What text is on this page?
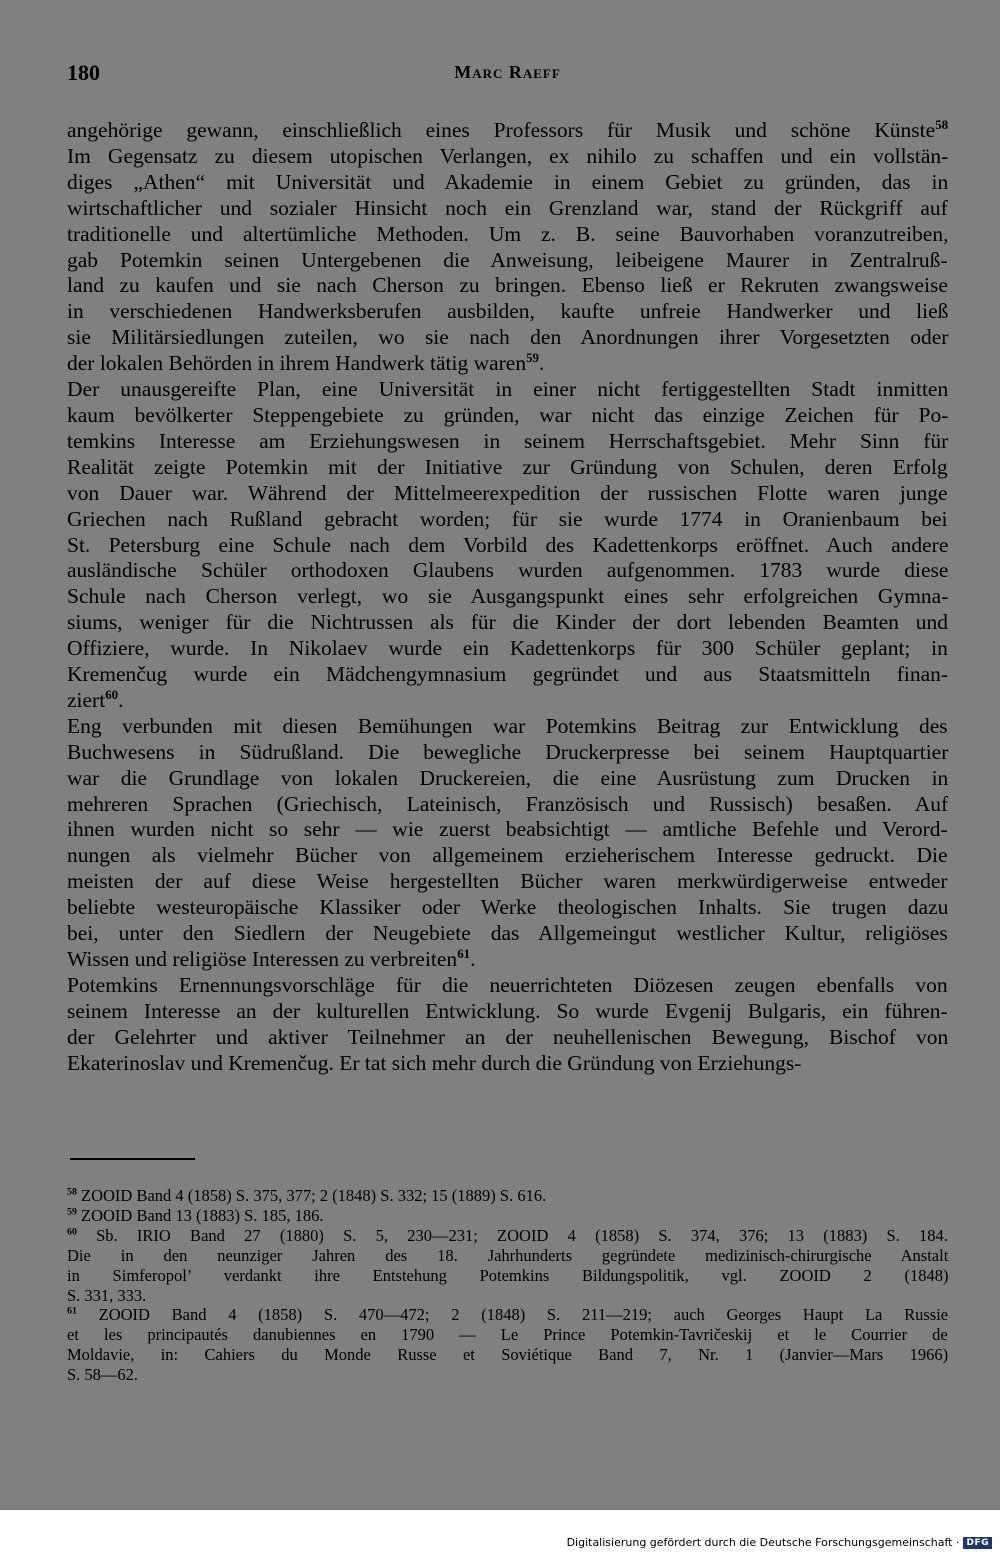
180	Marc Raeff

angehörige gewann, einschließlich eines Professors für Musik und schöne Künste$^{58}$
Im Gegensatz zu diesem utopischen Verlangen, ex nihilo zu schaffen und ein vollstän-
diges „Athen“ mit Universität und Akademie in einem Gebiet zu gründen, das in
wirtschaftlicher und sozialer Hinsicht noch ein Grenzland war, stand der Rückgriff auf
traditionelle und altertümliche Methoden. Um z. B. seine Bauvorhaben voranzutreiben,
gab Potemkin seinen Untergebenen die Anweisung, leibeigene Maurer in Zentralruß-
land zu kaufen und sie nach Cherson zu bringen. Ebenso ließ er Rekruten zwangsweise
in verschiedenen Handwerksberufen ausbilden, kaufte unfreie Handwerker und ließ
sie Militärsiedlungen zuteilen, wo sie nach den Anordnungen ihrer Vorgesetzten oder
der lokalen Behörden in ihrem Handwerk tätig waren$^{59}$.

Der unausgereifte Plan, eine Universität in einer nicht fertiggestellten Stadt inmitten
kaum bevölkerter Steppengebiete zu gründen, war nicht das einzige Zeichen für Po-
temkins Interesse am Erziehungswesen in seinem Herrschaftsgebiet. Mehr Sinn für
Realität zeigte Potemkin mit der Initiative zur Gründung von Schulen, deren Erfolg
von Dauer war. Während der Mittelmeerexpedition der russischen Flotte waren junge
Griechen nach Rußland gebracht worden; für sie wurde 1774 in Oranienbaum bei
St. Petersburg eine Schule nach dem Vorbild des Kadettenkorps eröffnet. Auch andere
ausländische Schüler orthodoxen Glaubens wurden aufgenommen. 1783 wurde diese
Schule nach Cherson verlegt, wo sie Ausgangspunkt eines sehr erfolgreichen Gymna-
siums, weniger für die Nichtrussen als für die Kinder der dort lebenden Beamten und
Offiziere, wurde. In Nikolaev wurde ein Kadettenkorps für 300 Schüler geplant; in
Kremenčug wurde ein Mädchengymnasium gegründet und aus Staatsmitteln finan-
ziert$^{60}$.

Eng verbunden mit diesen Bemühungen war Potemkins Beitrag zur Entwicklung des
Buchwesens in Südrußland. Die bewegliche Druckerpresse bei seinem Hauptquartier
war die Grundlage von lokalen Druckereien, die eine Ausrüstung zum Drucken in
mehreren Sprachen (Griechisch, Lateinisch, Französisch und Russisch) besaßen. Auf
ihnen wurden nicht so sehr — wie zuerst beabsichtigt — amtliche Befehle und Verord-
nungen als vielmehr Bücher von allgemeinem erzieherischem Interesse gedruckt. Die
meisten der auf diese Weise hergestellten Bücher waren merkwürdigerweise entweder
beliebte westeuropäische Klassiker oder Werke theologischen Inhalts. Sie trugen dazu
bei, unter den Siedlern der Neugebiete das Allgemeingut westlicher Kultur, religiöses
Wissen und religiöse Interessen zu verbreiten$^{61}$.

Potemkins Ernennungsvorschläge für die neuerrichteten Diözesen zeugen ebenfalls von
seinem Interesse an der kulturellen Entwicklung. So wurde Evgenij Bulgaris, ein führen-
der Gelehrter und aktiver Teilnehmer an der neuhellenischen Bewegung, Bischof von
Ekaterinoslav und Kremenčug. Er tat sich mehr durch die Gründung von Erziehungs-

$^{58}$ ZOOID Band 4 (1858) S. 375, 377; 2 (1848) S. 332; 15 (1889) S. 616.

$^{59}$ ZOOID Band 13 (1883) S. 185, 186.

$^{60}$ Sb. IRIO Band 27 (1880) S. 5, 230—231; ZOOID 4 (1858) S. 374, 376; 13 (1883) S. 184.
Die in den neunziger Jahren des 18. Jahrhunderts gegründete medizinisch-chirurgische Anstalt
in Simferopol’ verdankt ihre Entstehung Potemkins Bildungspolitik, vgl. ZOOID 2 (1848)
S. 331, 333.

$^{61}$ ZOOID Band 4 (1858) S. 470—472; 2 (1848) S. 211—219; auch Georges Haupt La Russie
et les principautés danubiennes en 1790 — Le Prince Potemkin-Tavričeskij et le Courrier de
Moldavie, in: Cahiers du Monde Russe et Soviétique Band 7, Nr. 1 (Janvier—Mars 1966)
S. 58—62.

Digitalisierung gefördert durch die Deutsche Forschungsgemeinschaft · DFG
